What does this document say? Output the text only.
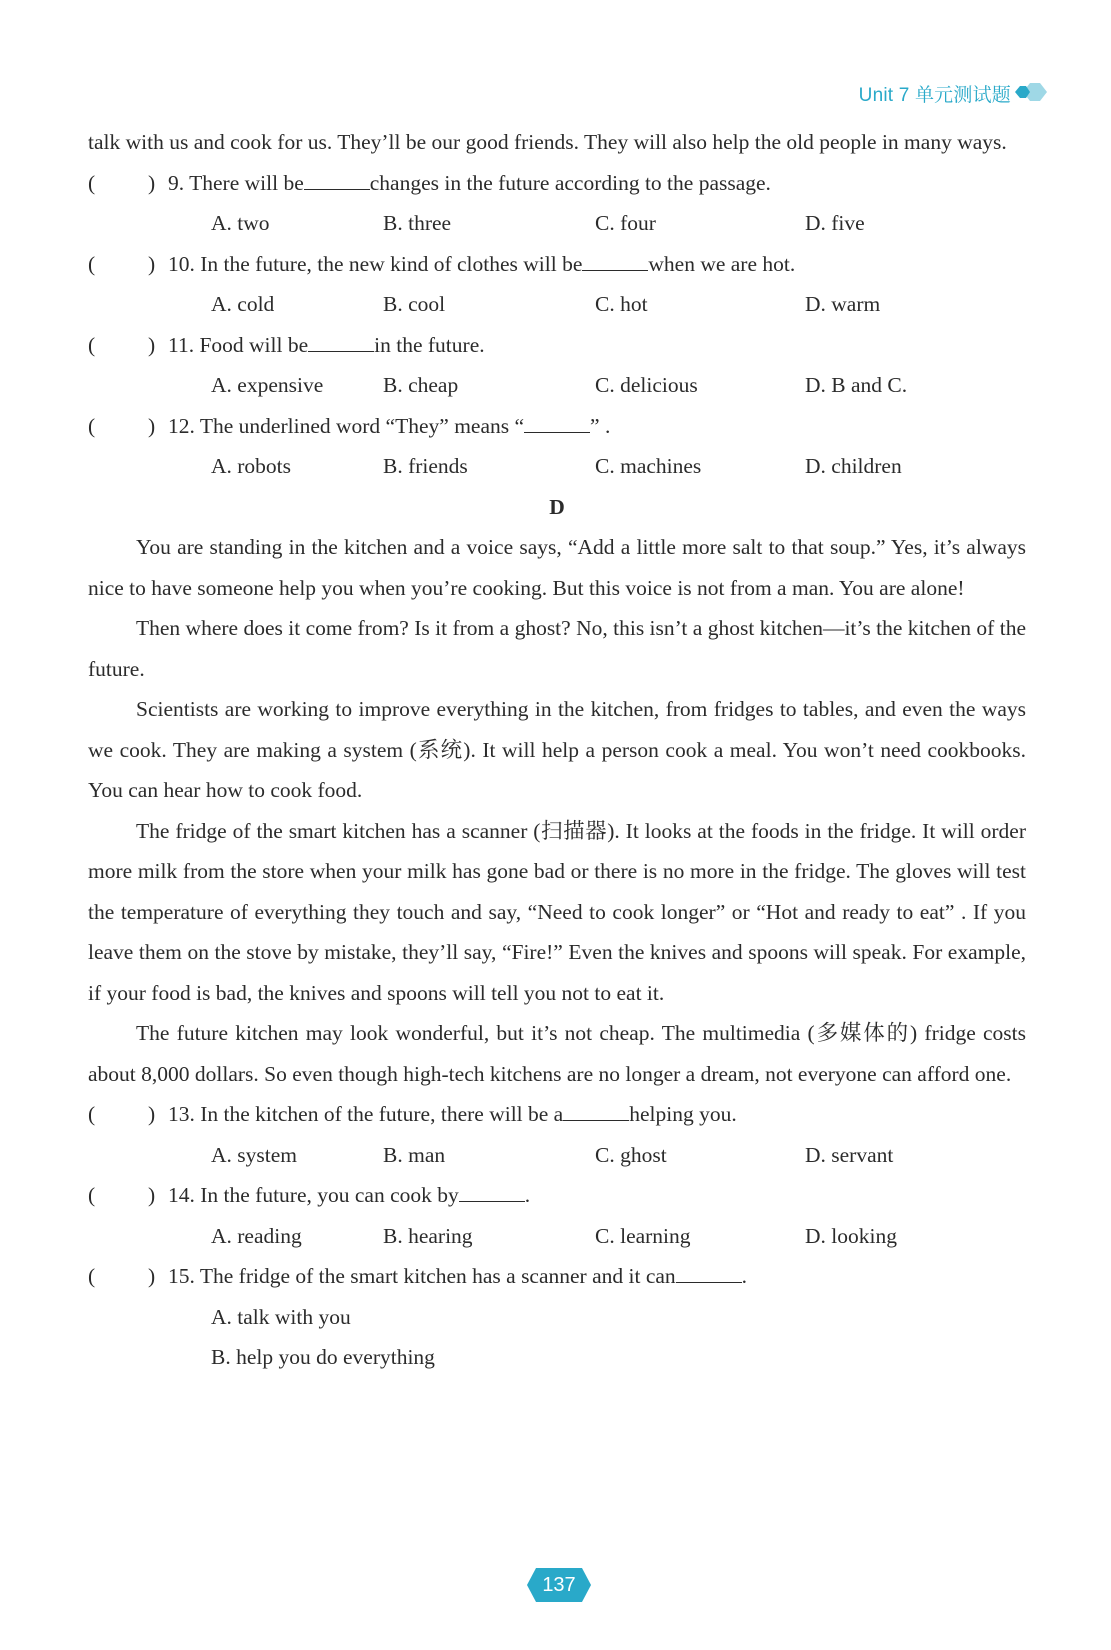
Unit 7 单元测试题

talk with us and cook for us. They’ll be our good friends. They will also help the old people in many ways.

( ) 9. There will be	changes in the future according to the passage.
A. two	B. three	C. four	D. five
( ) 10. In the future, the new kind of clothes will be	when we are hot.
A. cold	B. cool	C. hot	D. warm
( ) 11. Food will be	in the future.
A. expensive	B. cheap	C. delicious	D. B and C.
( ) 12. The underlined word “They” means “	” .
A. robots	B. friends	C. machines	D. children

D

You are standing in the kitchen and a voice says, “Add a little more salt to that soup.” Yes, it’s always nice to have someone help you when you’re cooking. But this voice is not from a man. You are alone!

Then where does it come from? Is it from a ghost? No, this isn’t a ghost kitchen—it’s the kitchen of the future.

Scientists are working to improve everything in the kitchen, from fridges to tables, and even the ways we cook. They are making a system (系统). It will help a person cook a meal. You won’t need cookbooks. You can hear how to cook food.

The fridge of the smart kitchen has a scanner (扫描器). It looks at the foods in the fridge. It will order more milk from the store when your milk has gone bad or there is no more in the fridge. The gloves will test the temperature of everything they touch and say, “Need to cook longer” or “Hot and ready to eat” . If you leave them on the stove by mistake, they’ll say, “Fire!” Even the knives and spoons will speak. For example, if your food is bad, the knives and spoons will tell you not to eat it.

The future kitchen may look wonderful, but it’s not cheap. The multimedia (多媒体的) fridge costs about 8,000 dollars. So even though high-tech kitchens are no longer a dream, not everyone can afford one.

( ) 13. In the kitchen of the future, there will be a	helping you.
A. system	B. man	C. ghost	D. servant
( ) 14. In the future, you can cook by	.
A. reading	B. hearing	C. learning	D. looking
( ) 15. The fridge of the smart kitchen has a scanner and it can	.
A. talk with you
B. help you do everything
137
